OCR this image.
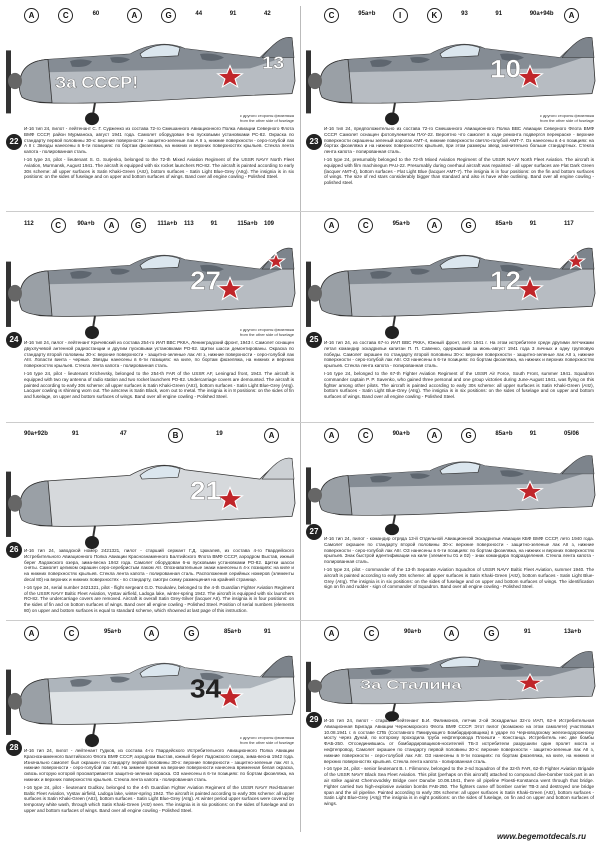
A	C	60	A	G	44	91	42
За СССР!
13
с другого стороны фюзеляжа
from the other side of fuselage
22

И-16 тип 24, пилот - лейтенант С. Г. Сурженко из состава 72-го Смешанного Авиационного Полка Авиации Северного Флота ВМФ СССР, район Мурманска, август 1941 года. Самолет оборудован 6-ю пусковыми установками РС-82. Окраска по стандарту первой половины 30-х: верхние поверхности - защитно-зеленые лак А II з, нижние поверхности - серо-голубой лак A II г. Звезды нанесены в 6-ти позициях: по бортам фюзеляжа, на нижних и верхних поверхностях крыльев. Стекла лента капота - полированная сталь.

I-16 type 24, pilot - lieutenant S. G. Surjenko, belonged to the 72-th Mixed Aviation Regiment of the USSR NAVY North Fleet Aviation, Murmansk, August 1941. The aircraft is equipped with six rocket launchers RO-82. The aircraft is painted according to early 30s scheme: all upper surfaces is Satin Khaki-Green (AIIz), bottom surfaces - Satin Light Blue-Grey (AIIg). The insignia is in six positions: on the sides of fuselage and on upper and bottom surfaces of wings. Band over all engine cowling - Polished Steel.

C	95a+b	I	K	93	91	90a+94b	A
10
с другого стороны фюзеляжа
from the other side of fuselage
23

И-16 тип 24, предположительно из состава 72-го Смешанного Авиационного Полка ВВС Авиации Северного Флота ВМФ СССР. Самолет оснащен фотопулеметом ПАУ-22. Вероятно что самолет в ходе ремонта подвергся перекраске - верхние поверхности окрашены зеленый аэролак АМТ-4, нижние поверхности светло-голубой АМТ-7. Оз нанесены в 4-х позициях: на бортах фюзеляжа и на нижних поверхностях крыльев, при этом размеры звезд значительно больше стандартных. Стекла лента капота - полированная сталь.

I-16 type 24, presumably belonged to the 72-th Mixed Aviation Regiment of the USSR NAVY North Fleet Aviation. The aircraft is equipped with film machinegun PAU-22. Presumably during overhaul aircraft was repainted - all upper surfaces are Flat Dark Green (lacquer AMT-4), bottom surfaces - Flat Light Blue (lacquer AMT-7). The insignia is in four positions: on the fin and bottom surfaces of wings. The size of red stars considerably bigger than standard and also is have white outlining. Band over all engine cowling - polished steel.

112	C	90a+b	A	G	111a+b 113	91	115a+b 109
27
с другого стороны фюзеляжа
from the other side of fuselage
24	И-16 тип 24, пилот - лейтенант Кричевский из состава 254-го ИАП ВВС РККА, Ленинградский фронт, 1943 г. Самолет оснащен двухлучевой антенной радиостанции и другим пусковыми установками РО-82. Щитки шасси демонтированы. Окраска по стандарту второй половины 30-х: верхние поверхности - защитно-зеленые лак АII з, нижние поверхности - серо-голубой лак АIIг. Лопасти винта - черные. Звезды нанесены в 6-ти позициях: на киле, по бортам фюзеляжа, на нижних и верхних поверхностях крыльев. Стекла лента капота - полированная сталь.

I-16 type 24, pilot - lieutenant Krichevsky, belonged to the 254-th FAR of the USSR AF, Leningrad front, 1943. The aircraft is equipped with two ray antenna of radio station and two rocket launchers PO-82. Undercarriage covers are demounted. The aircraft is painted according to early 30s scheme: all upper surfaces is Satin Khaki-Green (AIIz), bottom surfaces - Satin Light Blue-Grey (AIIg). Lacquer cowling is shinning worn out. The airscrew is Satin Black, worn out to metal. The insignia is in 8 positions: on the sides of fin and fuselage, on upper and bottom surfaces of wings. Band over all engine cowling - Polished Steel.

A	C	95a+b	A	G	85a+b	91	117
12
25	И-16 тип 24, из состава 67-го ИАП ВВС РККА, Южный фронт, лето 1941 г. На этом истребителе средн другими летчиками летал командир эскадрильи капитан П. П. Савенко, одержавший за июнь-август 1941 года 3 личных и одну групповую победы. Самолет окрашен по стандарту второй половины 30-х: верхние поверхности - защитно-зеленые лак АII з, нижние поверхности - серо-голубой лак АIIг. ОЗ нанесены в 6-ти позициях: по бортам фюзеляжа, на нижних и верхних поверхностях крыльев. Стекла лента капота - полированная сталь.

I-16 type 24, belonged to the 67-th Fighter Aviation Regiment of the USSR Air Force, South Front, summer 1941. Squadron commander captain P. P. Savenko, who gained three personal and one group victories during June-August 1941, was flying on this fighter among other pilots. The aircraft is painted according to early 30s scheme: all upper surfaces is Satin Khaki-Green (AIIz), bottom surfaces - Satin Light Blue-Grey (AIIg). The insignia is in six positions: on the sides of fuselage and on upper and bottom surfaces of wings. Band over all engine cowling - Polished Steel.

90a+92b	91	47	B	19	A
21
26	И-16 тип 24, заводской номер 2421321, пилот - старший сержант Г.Д. Цюкалев, из состава 4-го Гвардейского Истребительного Авиационного Полка Авиации Краснознаменного Балтийского Флота ВМФ СССР, аэродром Выстав, ижный берег Ладожского озера, зима-весна 1942 года. Самолет оборудован 6-ю пусковыми установками РО-82. Щитки шасси сняты. Самолет целиком окрашен серо-серебристым лаком AII. Опознавательные знаки нанесены в 4-х позициях: на киле и на нижних поверхностях крыльев. Стекла лента капота - полированная сталь. Расположения серийных номеров (элементы decal 80) на верхних и нижних поверхностях - по стандарту, смотри схему размещения на крайней странице.

I-16 type 24, serial number 2421321, pilot - flight sergeant G.D. Tsoukalev, belonged to the 4-th Guardian Fighter Aviation Regiment of the USSR NAVY Baltic Fleet Aviation, Vystav airfield, Ladoga lake, winter-spring 1942. The aircraft is equipped with six launchers RO-82. The undercarriage covers are removed. Aircraft is overall Satin Grey-Silver (lacquer AII). The insignia is in four positions: on the sides of fin and on bottom surfaces of wings. Band over all engine cowling - Polished Steel. Position of serial numbers (elements 80) on upper and bottom surfaces is equal to standard scheme, which showned at last page of this instruction.

A	C	90a+b	A	G	85a+b	91	05/06
27

И-16 тип 24, пилот - командир отряда 13-й Отдельной Авиационной Эскадрильи Авиации КБФ ВМФ СССР, лето 1940 года. Самолет окрашен по стандарту второй половины 30-х: верхние поверхности - защитно-зеленые лак АII з, нижние поверхности - серо-голубой лак АIIг. ОЗ нанесены в 6-ти позициях: по бортам фюзеляжа, на нижних и верхних поверхностях крыльев. Знак быстрой идентификации на киле (элементы 01 и 02) - знак командира подразделения. Стекла лента капота - полированная сталь.

I-16 type 24, pilot - commander of the 13-th Separate Aviation Squadron of USSR NAVY Baltic Fleet Aviation, summer 1940. The aircraft is painted according to early 30s scheme: all upper surfaces is Satin Khaki-Green (AIIz), bottom surfaces - Satin Light Blue-Grey (AIIg). The insignia is in six positions: on the sides of fuselage and on upper and bottom surfaces of wings. The identification sign on fin and rudder - sign of commander of Squadron. Band over all engine cowling - Polished Steel.

A	C	95a+b	A	G	85a+b	91
34
с другого стороны фюзеляжа
from the other side of fuselage
28	И-16 тип 24, пилот - лейтенант Гудков, из состава 4-го Гвардейского Истребительного Авиационного Полка Авиации Краснознаменного Балтийского Флота ВМФ СССР, аэродром Выстав, южный берег Ладожского озера, зима-весна 1942 года. Изначально самолет был окрашен по стандарту первой половины 30-х: верхние поверхности - защитно-зеленые лак АII з, нижние поверхности - серо-голубой лак АIIг. На зимнее время на верхние поверхности нанесена временная белая окраска, сквозь которую которой просматривается защитно-зеленая окраска. ОЗ нанесены в 6-ти позициях: по бортам фюзеляжа, на нижних и верхних поверхностях крыльев. Стекла лента капота - полированная сталь.

I-16 type 24, pilot - lieutenant Gudkov, belonged to the 4-th Guardian Fighter Aviation Regiment of the USSR NAVY Red-Banner Baltic Fleet Aviation, Vystav airfield, Ladoga lake, winter-spring 1942. The aircraft is painted according to early 30s scheme: all upper surfaces is Satin Khaki-Green (AIIz), bottom surfaces - Satin Light Blue-Grey (AIIg). At winter period upper surfaces were covered by temporary white wash, through which Satin Khaki-Green (AIIz) seen. The insignia is in six positions: on the sides of fuselage and on upper and bottom surfaces of wings. Band over all engine cowling - Polished Steel.

A	C	90a+b	A	G	91	13a+b
За Сталина
29	И-16 тип 24, пилот - старший лейтенант Б.И. Филимонов, летчик 2-ой Эскадрильи 32-го ИАП, 62-я Истребительная Авиационная Бригада Авиации Черноморского Флота ВМФ СССР. Этот пилот (возможно на этом самолете) участвовал 10.08.1941 г. в составе СПБ (Составного Пикирующего Бомбардировщика) в ударе по Черноводскому железнодорожному мосту через Дунай, по которому проходила труба нефтепровода Плоешти - Констанца. Истребитель нес две бомбы ФАБ-250. Отсоединившись от бомбардировщиков-носителей ТБ-3 истребители разрушили один пролет моста и нефтепровод. Самолет окрашен по стандарту первой половины 30-х: верхние поверхности - защитно-зеленые лак АII з, нижние поверхности - серо-голубой лак АIIг. ОЗ нанесены в 8-ти позициях: по бортам фюзеляжа, на киле, на нижних и верхних поверхностях крыльев. Стекла лента капота - полированная сталь.

I-16 type 24, pilot - senior lieutenant B. I. Filimonov, belonged to the 2-nd Squadron of the 32-th FAR, 62-th Fighter Aviation Brigade of the USSR NAVY Black Sea Fleet Aviation. This pilot (perhaps on this aircraft) attached to compound dive-bomber took part in an air strike against Chernovodsky Bridge over Danube 10.08.1941, there oil pipeline Ploesti-Konstanca went through that bridge. Fighter carried two high-explosive aviation bombs FAB-250. The fighters came off bomber carrier TB-3 and destroyed one bridge span and the oil pipeline. Painted according to early 30s scheme: all upper surfaces is Satin Khaki-Green (AIIz), bottom surfaces - Satin Light Blue-Grey (AIIg) The insignia is in eight positions: on the sides of fuselage, on fin and on upper and bottom surfaces of wings.

www.begemotdecals.ru
